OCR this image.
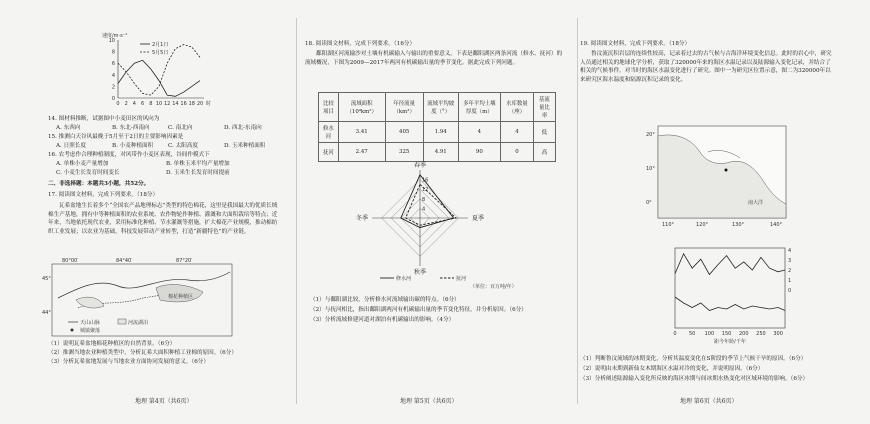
速度/m·s⁻¹
0
2
4
6
8
10
0 2 4 6 8 10 12 14 16 18 20 时
2月1日
5月5日
14. 图材料推断，试据图中小麦田区的风向为
A. 东西向	B. 东北-西南向	C. 南北向	D. 西北-东南向
15. 推测白天谷风最晚于5月至于2日的主要影响因素是
A. 日照长度	B. 小麦种植面积	C. 太阳高度	D. 玉米种植面积
16. 农考虑作合理种植制度，对风带作小麦区表现，谷间作模式下
A. 单株小麦产量增加	B. 单株玉米平均产量增加
C. 小麦生长发育时间变长	D. 玉米生长发育时间提前
二、非选择题：本题共3小题，共52分。
17. 阅读图文材料，完成下列要求。（18分）
瓦希盆地生长着多个“全国农产品地理标志”类型的特色棉花，这里是我国最大的优质长绒棉生产基地，拥有中等种植面积的农业系统、农作物轮作种植、灌溉和大面积栽培等特点；近年来，当地依托现代农业，采用标准化种植、节水灌溉等措施，扩大棉花产业规模，推动棉纺织工业发展；以农业为基础，科技发展带动产业转型，打造“新疆特色”的产业链。
80°00′	84°40′	87°20′
45°
44°
棉花种植区
天山山脉	河流湖泊
城镇聚落
（1）说明瓦希盆地棉花种植区的自然背景。（6分）
（2）推测当地农业种植类型中，分析瓦希大面积种植工业棉的原因。（6分）
（3）分析瓦希盆地发展与当地农业方面协同发展的意义。（6分）
地理 第4页（共6页）
18. 阅读图文材料，完成下列要求。（16分）
鄱阳湖区河流输沙对土壤有机碳输入与输出的重要意义。下表是鄱阳湖区两条河流（修水、抚河）的流域概况，下图为2009—2017年两河有机碳输出量的季节变化。据此完成下列问题。
比较项目	流域面积（10⁴km²）	年径流量（km³）	流域平均坡度（°）	多年平均土壤厚度（m）	水库数量（座）	基流量比率
修水河	3.41	405	1.94	4	4	低
抚河	2.47	325	4.91	90	0	高
4
8
12
16
春季
夏季
秋季
冬季
修水河	抚河
（单位：百万吨/年）
（1）与鄱阳湖比较，分析修水河流域输出碳的特点。（6分）
（2）与抚河相比，指出鄱阳湖两河有机碳输出量的季节变化特征，并分析原因。（6分）
（3）分析流域修建河道对湖泊有机碳输出的影响。（4分）
地理 第5页（共6页）
19. 阅读图文材料，完成下列要求。（18分）
鲁汶流沉积岩层的连续性较高，记录着过去的古气候与古海洋环境变化信息。此时的岩心中，研究人员通过相关的地球化学分析，获取了320000年来的海区水温记录以及陆源输入变化记录，并结合了相关的气候事件，对当时的海区水温变化进行了研究。图中一为研究区位置示意，图二为320000年以来研究区海水温度和陆源沉积记录的变化。
南大洋
110°	120°	130°	140°
20°
10°
0°
0 50 100 150 200 250 300
距今年龄/千年
4
3
2
1
0
（1）判断鲁汶流域的冰期变化，分析其温度变化在S阶段的季节上气候干旱的原因。（6分）
（2）说明由末期到新仙女木期海区水温对冷的变化，并说明原因。（6分）
（3）分析阐述陆源输入变化所反映的海区冰期与间冰期水热变化对区域环境的影响。（6分）
地理 第6页（共6页）
